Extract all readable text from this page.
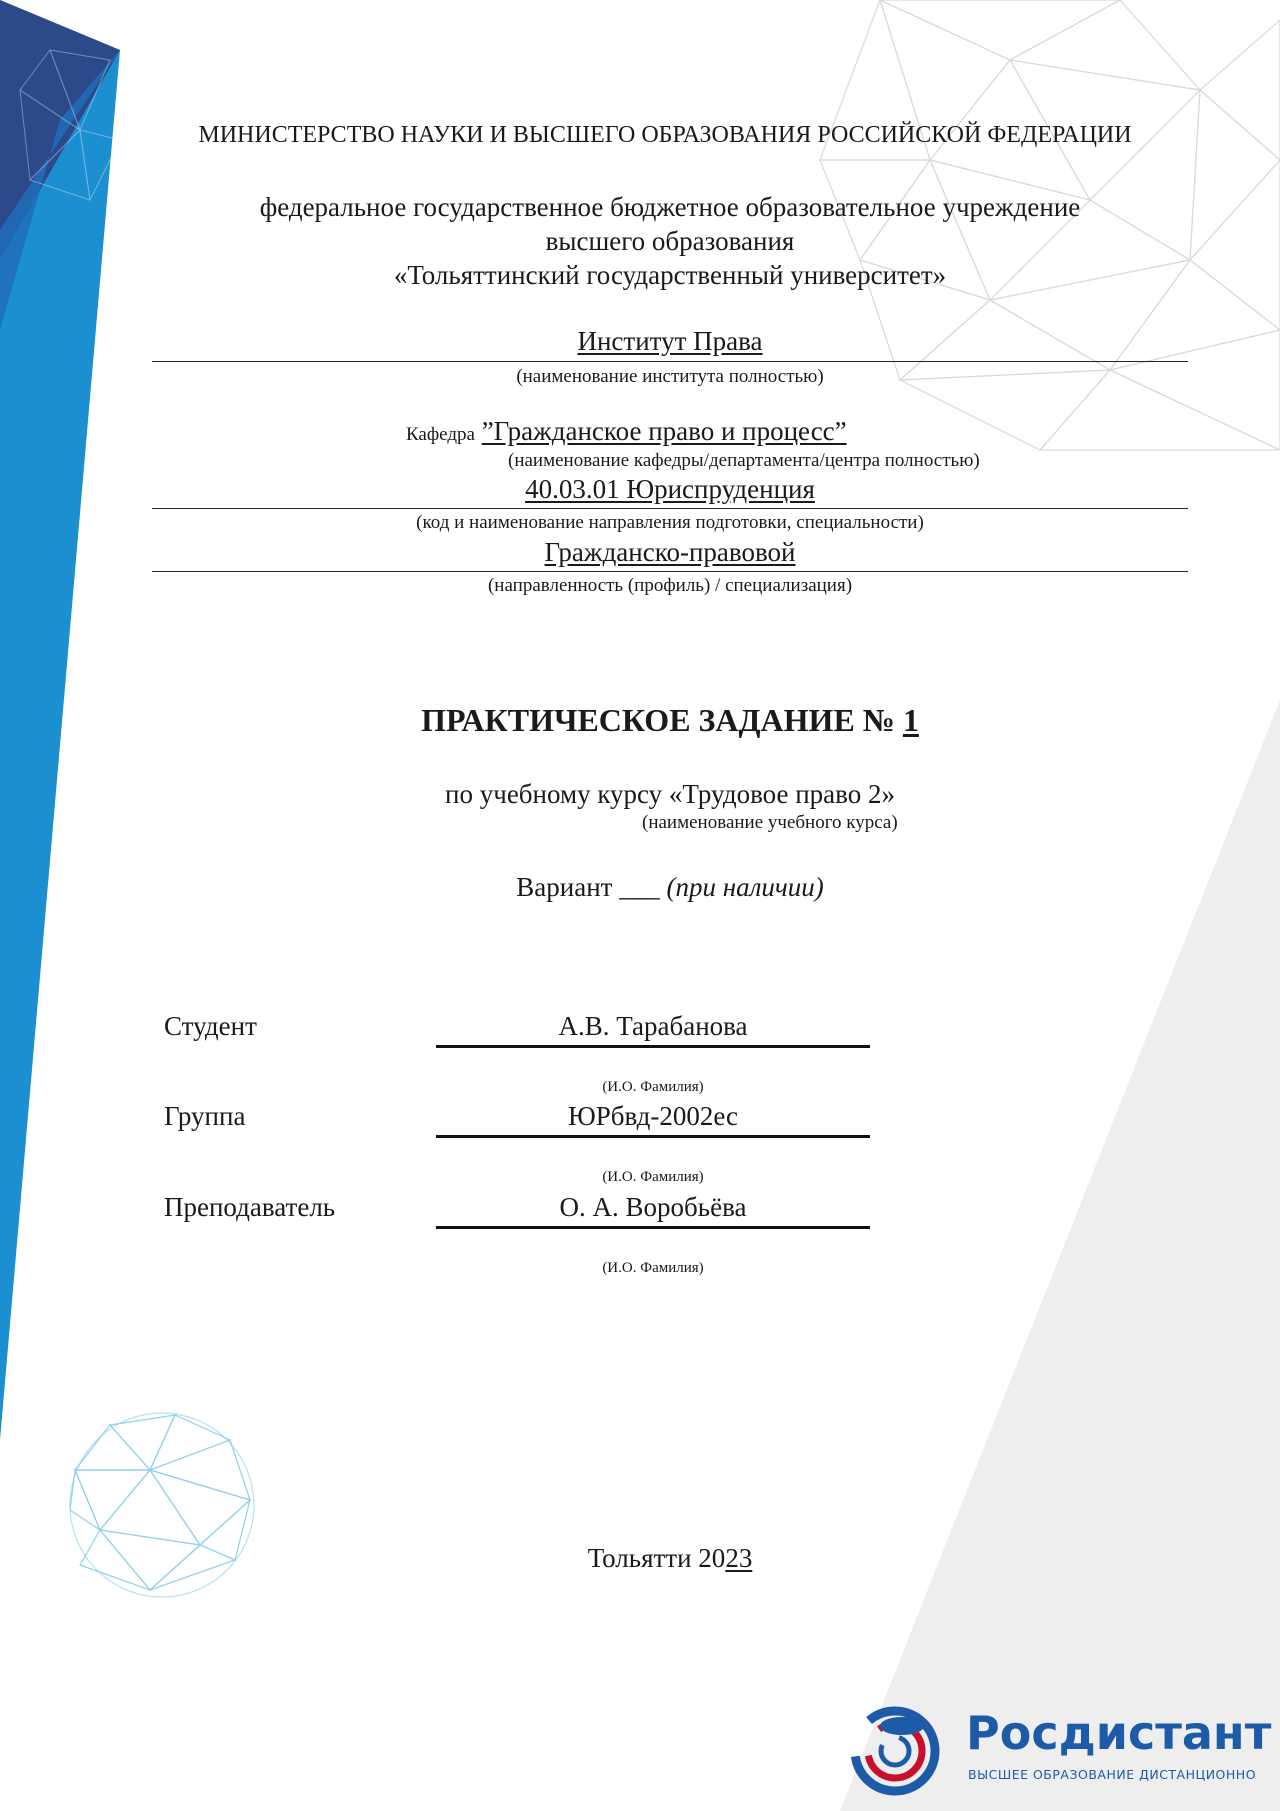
МИНИСТЕРСТВО НАУКИ И ВЫСШЕГО ОБРАЗОВАНИЯ РОССИЙСКОЙ ФЕДЕРАЦИИ
федеральное государственное бюджетное образовательное учреждение
высшего образования
«Тольяттинский государственный университет»
Институт Права
(наименование института полностью)
Кафедра ”Гражданское право и процесс”
(наименование кафедры/департамента/центра полностью)
40.03.01 Юриспруденция
(код и наименование направления подготовки, специальности)
Гражданско-правовой
(направленность (профиль) / специализация)
ПРАКТИЧЕСКОЕ ЗАДАНИЕ № 1
по учебному курсу «Трудовое право 2»
(наименование учебного курса)
Вариант ___ (при наличии)
Студент	А.В. Тарабанова
(И.О. Фамилия)
Группа	ЮРбвд-2002ес
(И.О. Фамилия)
Преподаватель	О. А. Воробьёва
(И.О. Фамилия)
Тольятти 2023
Росдистант
ВЫСШЕЕ ОБРАЗОВАНИЕ ДИСТАНЦИОННО
